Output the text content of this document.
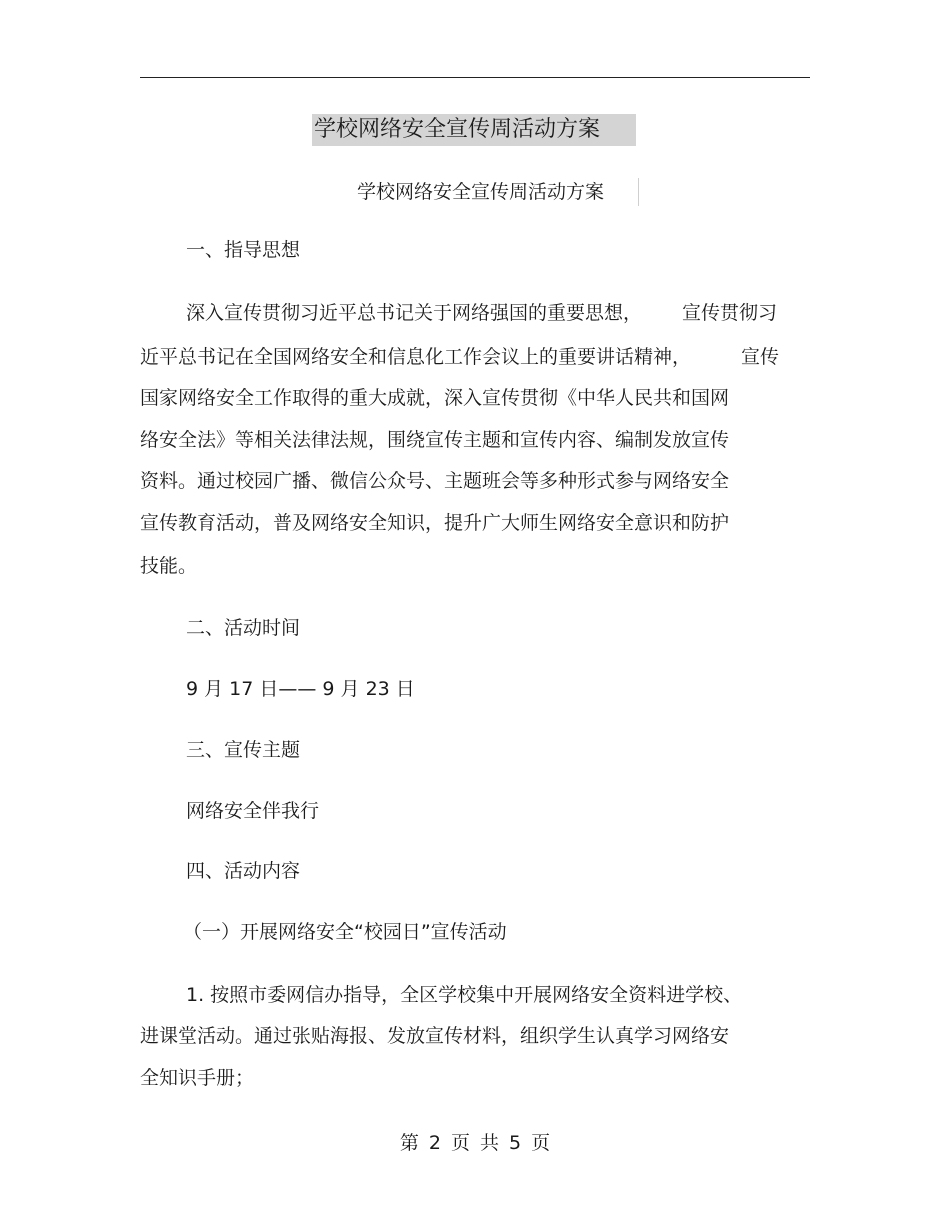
学校网络安全宣传周活动方案
学校网络安全宣传周活动方案
一、指导思想
深入宣传贯彻习近平总书记关于网络强国的重要思想， 宣传贯彻习
近平总书记在全国网络安全和信息化工作会议上的重要讲话精神，	宣传
国家网络安全工作取得的重大成就，深入宣传贯彻《中华人民共和国网
络安全法》等相关法律法规，围绕宣传主题和宣传内容、编制发放宣传
资料。通过校园广播、微信公众号、主题班会等多种形式参与网络安全
宣传教育活动，普及网络安全知识，提升广大师生网络安全意识和防护
技能。
二、活动时间
9 月 17 日—— 9 月 23 日
三、宣传主题
网络安全伴我行
四、活动内容
（一）开展网络安全“校园日”宣传活动
1. 按照市委网信办指导，全区学校集中开展网络安全资料进学校、
进课堂活动。通过张贴海报、发放宣传材料，组织学生认真学习网络安
全知识手册；
第 2 页 共 5 页
